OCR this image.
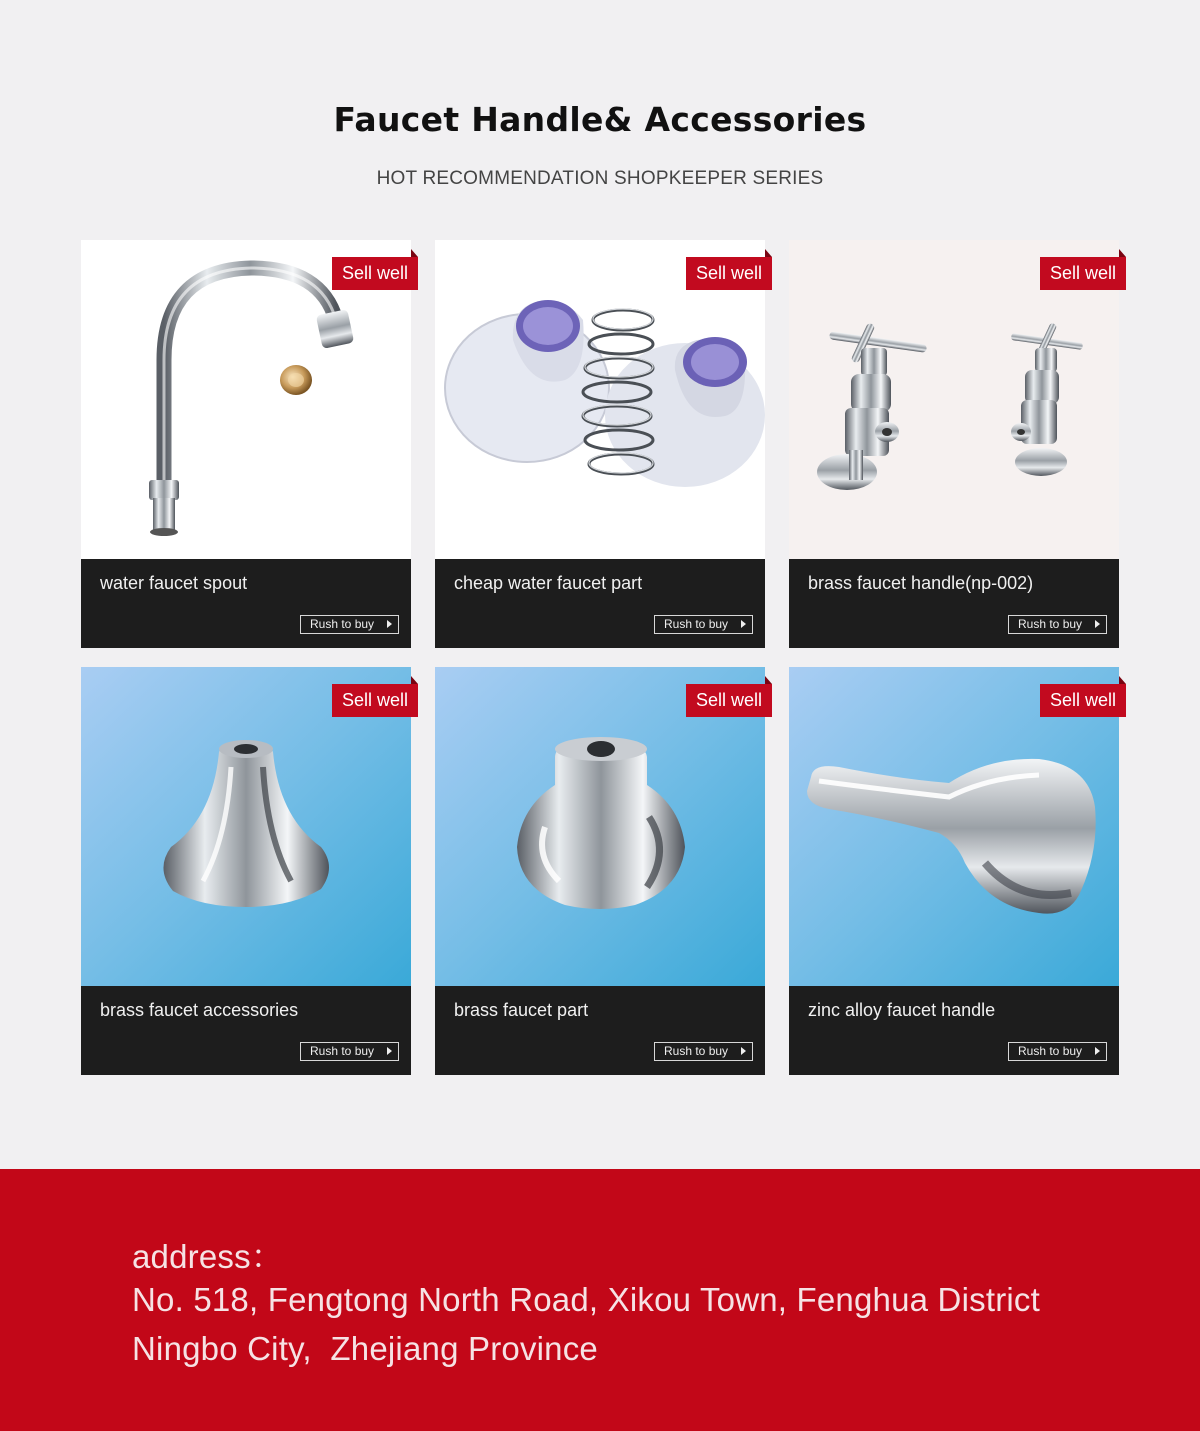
Faucet Handle& Accessories
HOT RECOMMENDATION SHOPKEEPER SERIES
Sell well
water faucet spout
Rush to buy
Sell well
cheap water faucet part
Rush to buy
Sell well
brass faucet handle(np-002)
Rush to buy
Sell well
brass faucet accessories
Rush to buy
Sell well
brass faucet part
Rush to buy
Sell well
zinc alloy faucet handle
Rush to buy
address：
No. 518, Fengtong North Road, Xikou Town, Fenghua District
Ningbo City,  Zhejiang Province
